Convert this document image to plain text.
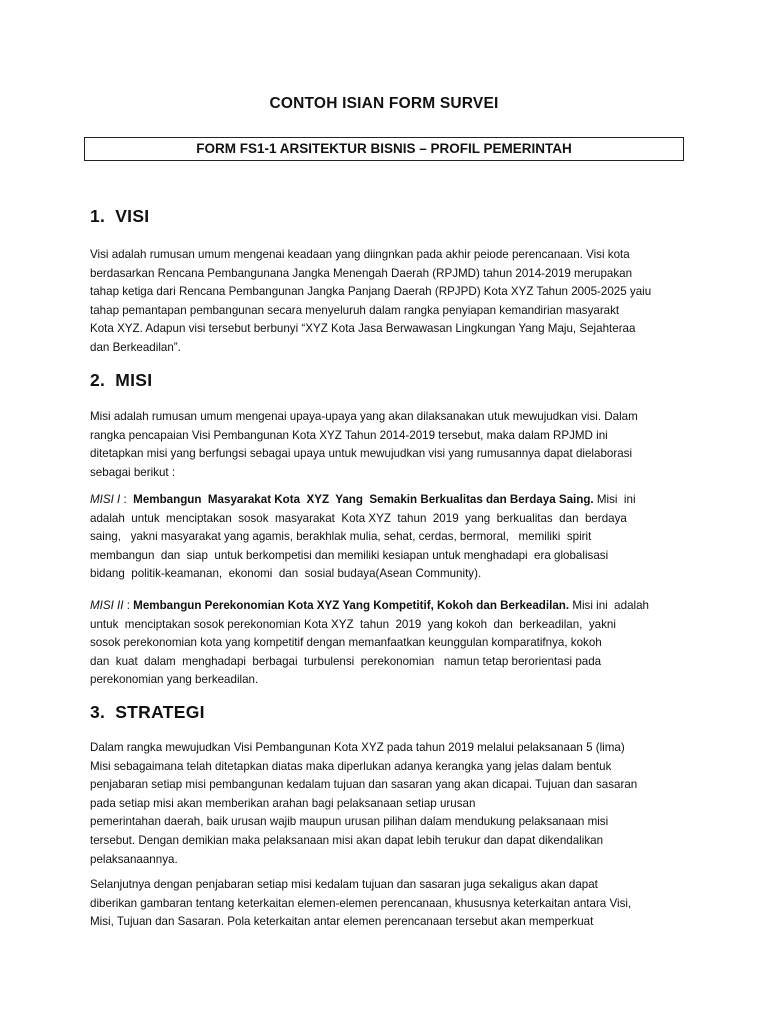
CONTOH ISIAN FORM SURVEI
FORM FS1-1 ARSITEKTUR BISNIS – PROFIL PEMERINTAH
1. VISI
Visi adalah rumusan umum mengenai keadaan yang diingnkan pada akhir peiode perencanaan. Visi kota
berdasarkan Rencana Pembangunana Jangka Menengah Daerah (RPJMD) tahun 2014-2019 merupakan
tahap ketiga dari Rencana Pembangunan Jangka Panjang Daerah (RPJPD) Kota XYZ Tahun 2005-2025 yaiu
tahap pemantapan pembangunan secara menyeluruh dalam rangka penyiapan kemandirian masyarakt
Kota XYZ. Adapun visi tersebut berbunyi “XYZ Kota Jasa Berwawasan Lingkungan Yang Maju, Sejahteraa
dan Berkeadilan”.
2. MISI
Misi adalah rumusan umum mengenai upaya-upaya yang akan dilaksanakan utuk mewujudkan visi. Dalam
rangka pencapaian Visi Pembangunan Kota XYZ Tahun 2014-2019 tersebut, maka dalam RPJMD ini
ditetapkan misi yang berfungsi sebagai upaya untuk mewujudkan visi yang rumusannya dapat dielaborasi
sebagai berikut :
MISI I :  Membangun  Masyarakat Kota  XYZ  Yang  Semakin Berkualitas dan Berdaya Saing. Misi  ini
adalah  untuk  menciptakan  sosok  masyarakat  Kota XYZ  tahun  2019  yang  berkualitas  dan  berdaya
saing,   yakni masyarakat yang agamis, berakhlak mulia, sehat, cerdas, bermoral,   memiliki  spirit
membangun  dan  siap  untuk berkompetisi dan memiliki kesiapan untuk menghadapi  era globalisasi
bidang  politik-keamanan,  ekonomi  dan  sosial budaya(Asean Community).
MISI II : Membangun Perekonomian Kota XYZ Yang Kompetitif, Kokoh dan Berkeadilan. Misi ini  adalah
untuk  menciptakan sosok perekonomian Kota XYZ  tahun  2019  yang kokoh  dan  berkeadilan,  yakni
sosok perekonomian kota yang kompetitif dengan memanfaatkan keunggulan komparatifnya, kokoh
dan  kuat  dalam  menghadapi  berbagai  turbulensi  perekonomian   namun tetap berorientasi pada
perekonomian yang berkeadilan.
3. STRATEGI
Dalam rangka mewujudkan Visi Pembangunan Kota XYZ pada tahun 2019 melalui pelaksanaan 5 (lima)
Misi sebagaimana telah ditetapkan diatas maka diperlukan adanya kerangka yang jelas dalam bentuk
penjabaran setiap misi pembangunan kedalam tujuan dan sasaran yang akan dicapai. Tujuan dan sasaran
pada setiap misi akan memberikan arahan bagi pelaksanaan setiap urusan
pemerintahan daerah, baik urusan wajib maupun urusan pilihan dalam mendukung pelaksanaan misi
tersebut. Dengan demikian maka pelaksanaan misi akan dapat lebih terukur dan dapat dikendalikan
pelaksanaannya.
Selanjutnya dengan penjabaran setiap misi kedalam tujuan dan sasaran juga sekaligus akan dapat
diberikan gambaran tentang keterkaitan elemen-elemen perencanaan, khususnya keterkaitan antara Visi,
Misi, Tujuan dan Sasaran. Pola keterkaitan antar elemen perencanaan tersebut akan memperkuat
